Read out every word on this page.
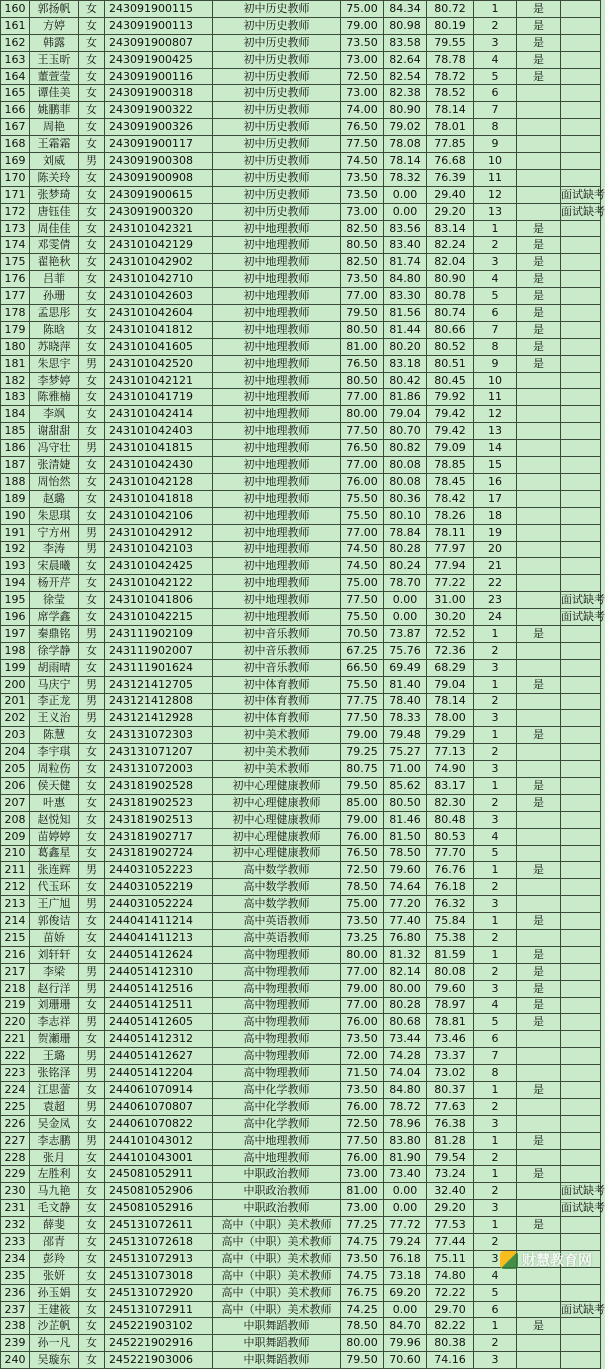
160	郭扬帆	女	243091900115	初中历史教师	75.00	84.34	80.72	1	是	
161	方婷	女	243091900113	初中历史教师	79.00	80.98	80.19	2	是	
162	韩露	女	243091900807	初中历史教师	73.50	83.58	79.55	3	是	
163	王玉昕	女	243091900425	初中历史教师	73.00	82.64	78.78	4	是	
164	董萱莹	女	243091900116	初中历史教师	72.50	82.54	78.72	5	是	
165	谭佳美	女	243091900318	初中历史教师	73.00	82.38	78.52	6		
166	姚鹏菲	女	243091900322	初中历史教师	74.00	80.90	78.14	7		
167	周艳	女	243091900326	初中历史教师	76.50	79.02	78.01	8		
168	王霜霜	女	243091900117	初中历史教师	77.50	78.08	77.85	9		
169	刘威	男	243091900308	初中历史教师	74.50	78.14	76.68	10		
170	陈关玲	女	243091900908	初中历史教师	73.50	78.32	76.39	11		
171	张梦琦	女	243091900615	初中历史教师	73.50	0.00	29.40	12		面试缺考
172	唐钰佳	女	243091900320	初中历史教师	73.00	0.00	29.20	13		面试缺考
173	周佳佳	女	243101042321	初中地理教师	82.50	83.56	83.14	1	是	
174	邓雯倩	女	243101042129	初中地理教师	80.50	83.40	82.24	2	是	
175	翟艳秋	女	243101042902	初中地理教师	82.50	81.74	82.04	3	是	
176	吕菲	女	243101042710	初中地理教师	73.50	84.80	80.90	4	是	
177	孙珊	女	243101042603	初中地理教师	77.00	83.30	80.78	5	是	
178	孟思彤	女	243101042604	初中地理教师	79.50	81.56	80.74	6	是	
179	陈晗	女	243101041812	初中地理教师	80.50	81.44	80.66	7	是	
180	苏晓萍	女	243101041605	初中地理教师	81.00	80.20	80.52	8	是	
181	朱思宇	男	243101042520	初中地理教师	76.50	83.18	80.51	9	是	
182	李梦婷	女	243101042121	初中地理教师	80.50	80.42	80.45	10		
183	陈雅楠	女	243101041719	初中地理教师	77.00	81.86	79.92	11		
184	李飒	女	243101042414	初中地理教师	80.00	79.04	79.42	12		
185	谢甜甜	女	243101042403	初中地理教师	77.50	80.70	79.42	13		
186	冯守壮	男	243101041815	初中地理教师	76.50	80.82	79.09	14		
187	张清婕	女	243101042430	初中地理教师	77.00	80.08	78.85	15		
188	周怡然	女	243101042128	初中地理教师	76.00	80.08	78.45	16		
189	赵璐	女	243101041818	初中地理教师	75.50	80.36	78.42	17		
190	朱思琪	女	243101042106	初中地理教师	75.50	80.10	78.26	18		
191	宁方州	男	243101042912	初中地理教师	77.00	78.84	78.11	19		
192	李涛	男	243101042103	初中地理教师	74.50	80.28	77.97	20		
193	宋晨曦	女	243101042425	初中地理教师	74.50	80.24	77.94	21		
194	杨开芹	女	243101042122	初中地理教师	75.00	78.70	77.22	22		
195	徐莹	女	243101041806	初中地理教师	77.50	0.00	31.00	23		面试缺考
196	席学鑫	女	243101042215	初中地理教师	75.50	0.00	30.20	24		面试缺考
197	秦鼎铭	男	243111902109	初中音乐教师	70.50	73.87	72.52	1	是	
198	徐学静	女	243111902007	初中音乐教师	67.25	75.76	72.36	2		
199	胡雨晴	女	243111901624	初中音乐教师	66.50	69.49	68.29	3		
200	马庆宁	男	243121412705	初中体育教师	75.50	81.40	79.04	1	是	
201	李正龙	男	243121412808	初中体育教师	77.75	78.40	78.14	2		
202	王义治	男	243121412928	初中体育教师	77.50	78.33	78.00	3		
203	陈慧	女	243131072303	初中美术教师	79.00	79.48	79.29	1	是	
204	李宇琪	女	243131071207	初中美术教师	79.25	75.27	77.13	2		
205	周粒伤	女	243131072003	初中美术教师	80.75	71.00	74.90	3		
206	侯天健	女	243181902528	初中心理健康教师	79.50	85.62	83.17	1	是	
207	叶惠	女	243181902523	初中心理健康教师	85.00	80.50	82.30	2	是	
208	赵悦知	女	243181902513	初中心理健康教师	79.00	81.46	80.48	3		
209	苗婷婷	女	243181902717	初中心理健康教师	76.00	81.50	80.53	4		
210	葛鑫星	女	243181902724	初中心理健康教师	76.50	78.50	77.70	5		
211	张连辉	男	244031052223	高中数学教师	72.50	79.60	76.76	1	是	
212	代玉环	女	244031052219	高中数学教师	78.50	74.64	76.18	2		
213	王广旭	男	244031052224	高中数学教师	75.00	77.20	76.32	3		
214	郭俊诘	女	244041411214	高中英语教师	73.50	77.40	75.84	1	是	
215	苗娇	女	244041411213	高中英语教师	73.25	76.80	75.38	2		
216	刘轩轩	女	244051412624	高中物理教师	80.00	81.32	81.59	1	是	
217	李梁	男	244051412310	高中物理教师	77.00	82.14	80.08	2	是	
218	赵行洋	男	244051412516	高中物理教师	79.00	80.00	79.60	3	是	
219	刘珊珊	女	244051412511	高中物理教师	77.00	80.28	78.97	4	是	
220	李志祥	男	244051412605	高中物理教师	76.00	80.68	78.81	5	是	
221	贺瀬珊	女	244051412312	高中物理教师	73.50	73.44	73.46	6		
222	王璐	男	244051412627	高中物理教师	72.00	74.28	73.37	7		
223	张铭泽	男	244051412204	高中物理教师	71.50	74.04	73.02	8		
224	江思蕾	女	244061070914	高中化学教师	73.50	84.80	80.37	1	是	
225	袁超	男	244061070807	高中化学教师	76.00	78.72	77.63	2		
226	吴金凤	女	244061070822	高中化学教师	72.50	78.96	76.38	3		
227	李志鹏	男	244101043012	高中地理教师	77.50	83.80	81.28	1	是	
228	张月	女	244101043001	高中地理教师	76.00	81.90	79.54	2		
229	左胜利	女	245081052911	中职政治教师	73.00	73.40	73.24	1	是	
230	马九艳	女	245081052906	中职政治教师	81.00	0.00	32.40	2		面试缺考
231	毛文静	女	245081052916	中职政治教师	73.00	0.00	29.20	3		面试缺考
232	薛斐	女	245131072611	高中（中职）美术教师	77.25	77.72	77.53	1	是	
233	邵青	女	245131072618	高中（中职）美术教师	74.75	79.24	77.44	2		
234	彭羚	女	245131072913	高中（中职）美术教师	73.50	76.18	75.11	3		
235	张妍	女	245131073018	高中（中职）美术教师	74.75	73.18	74.80	4		
236	孙玉娟	女	245131072920	高中（中职）美术教师	76.75	69.20	72.22	5		
237	王建筱	女	245131072911	高中（中职）美术教师	74.25	0.00	29.70	6		面试缺考
238	沙芷帆	女	245221903102	中职舞蹈教师	78.50	84.70	82.22	1	是	
239	孙一凡	女	245221902916	中职舞蹈教师	80.00	79.96	80.38	2		
240	吴璇东	女	245221903006	中职舞蹈教师	79.50	70.60	74.16	3		
财慧教育网
